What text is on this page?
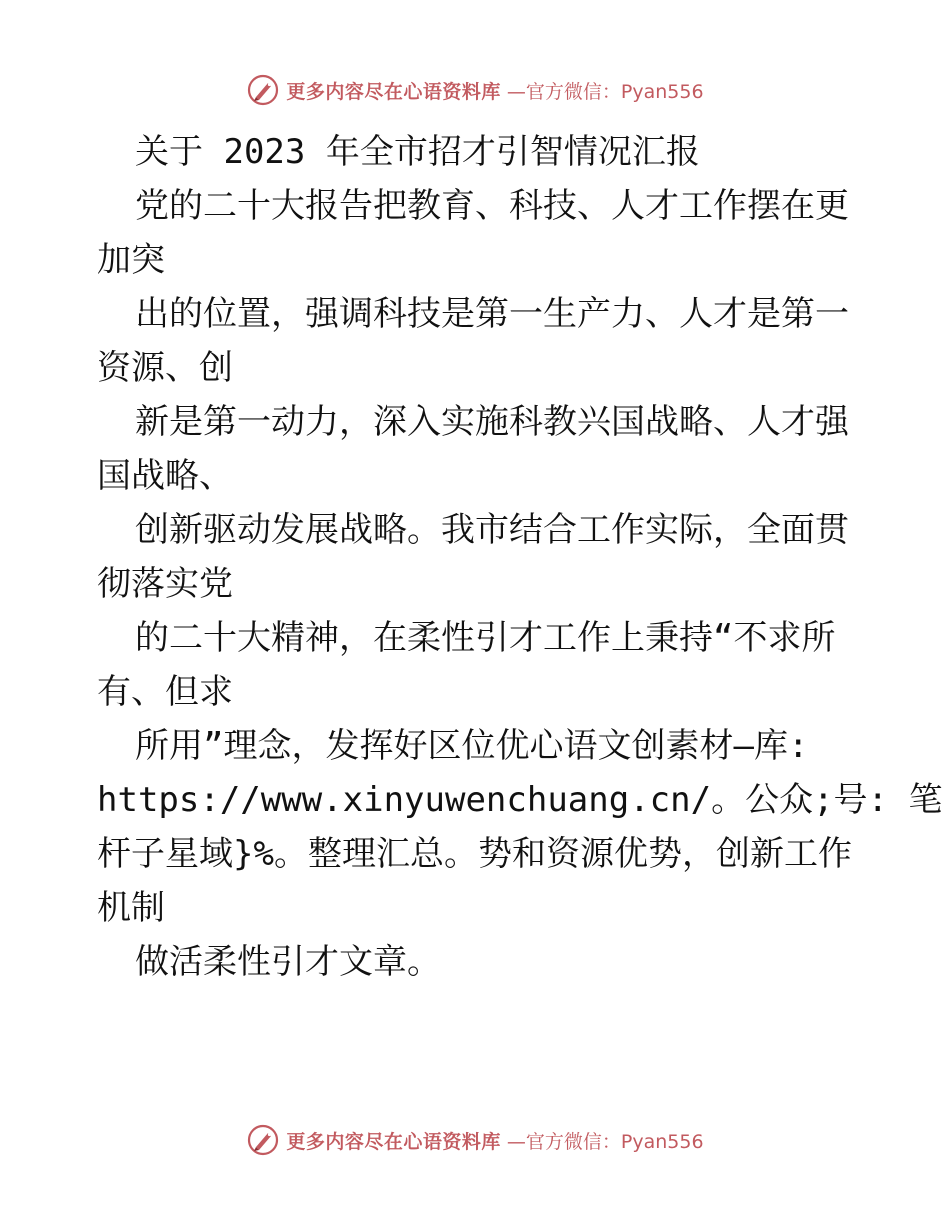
更多内容尽在心语资料库 —官方微信：Pyan556
关于 2023 年全市招才引智情况汇报
党的二十大报告把教育、科技、人才工作摆在更
加突
出的位置，强调科技是第一生产力、人才是第一
资源、创
新是第一动力，深入实施科教兴国战略、人才强
国战略、
创新驱动发展战略。我市结合工作实际，全面贯
彻落实党
的二十大精神，在柔性引才工作上秉持“不求所
有、但求
所用”理念，发挥好区位优心语文创素材—库:
https://www.xinyuwenchuang.cn/。公众;号: 笔
杆子星域}%。整理汇总。势和资源优势，创新工作
机制
做活柔性引才文章。
更多内容尽在心语资料库 —官方微信：Pyan556
